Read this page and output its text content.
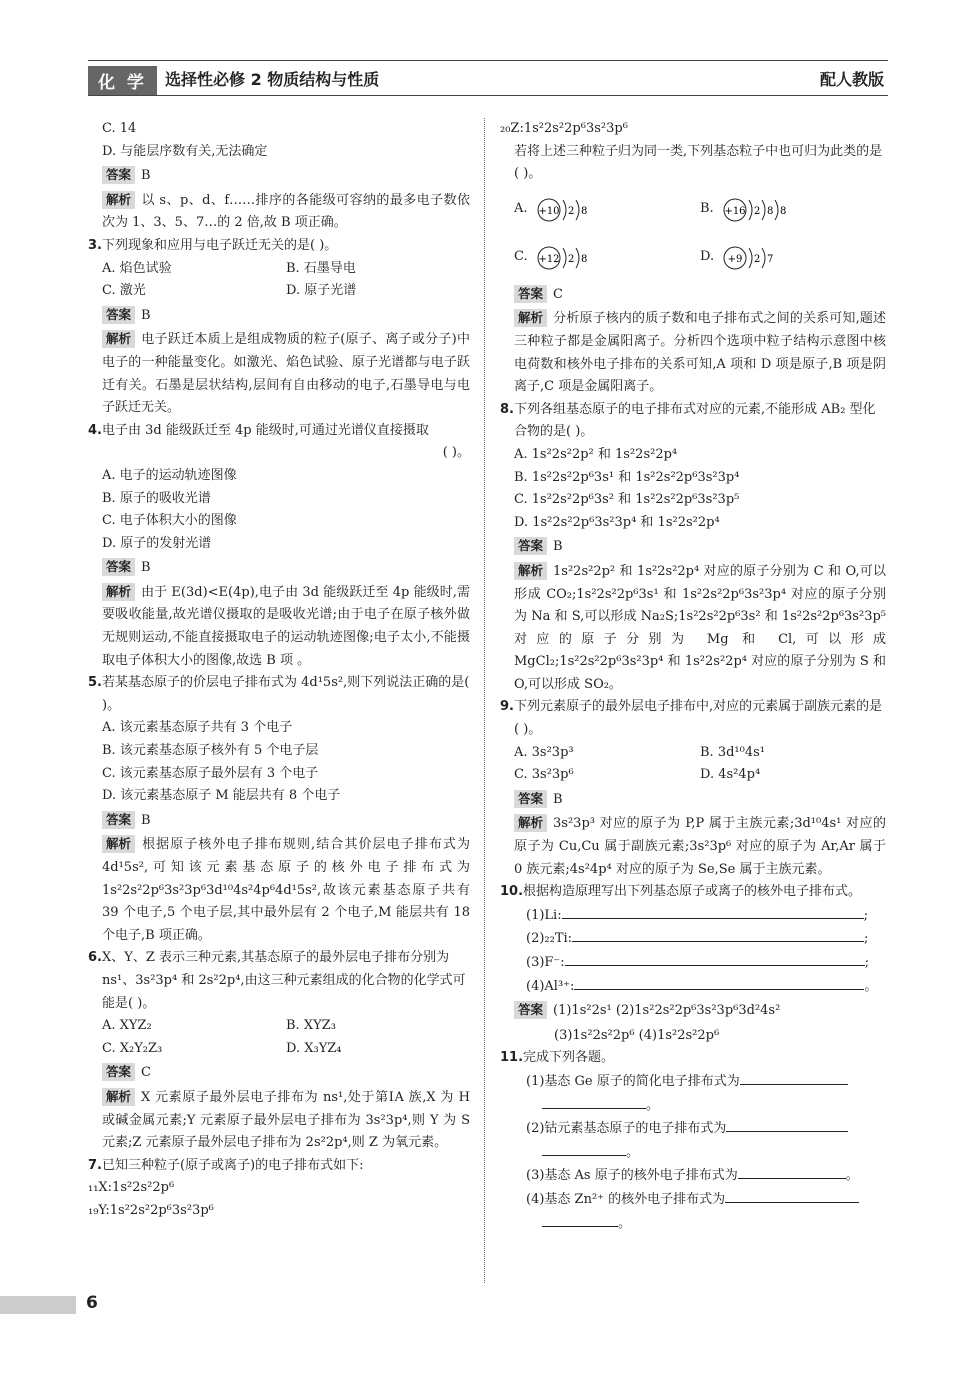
化 学	选择性必修 2 物质结构与性质	配人教版

C. 14

D. 与能层序数有关,无法确定

答案 B

解析 以 s、p、d、f……排序的各能级可容纳的最多电子数依次为 1、3、5、7…的 2 倍,故 B 项正确。

3.下列现象和应用与电子跃迁无关的是( )。

A. 焰色试验	B. 石墨导电
C. 激光	D. 原子光谱

答案 B

解析 电子跃迁本质上是组成物质的粒子(原子、离子或分子)中电子的一种能量变化。如激光、焰色试验、原子光谱都与电子跃迁有关。石墨是层状结构,层间有自由移动的电子,石墨导电与电子跃迁无关。

4.电子由 3d 能级跃迁至 4p 能级时,可通过光谱仪直接摄取

( )。

A. 电子的运动轨迹图像

B. 原子的吸收光谱

C. 电子体积大小的图像

D. 原子的发射光谱

答案 B

解析 由于 E(3d)<E(4p),电子由 3d 能级跃迁至 4p 能级时,需要吸收能量,故光谱仪摄取的是吸收光谱;由于电子在原子核外做无规则运动,不能直接摄取电子的运动轨迹图像;电子太小,不能摄取电子体积大小的图像,故选 B 项 。

5.若某基态原子的价层电子排布式为 4d¹5s²,则下列说法正确的是( )。

A. 该元素基态原子共有 3 个电子

B. 该元素基态原子核外有 5 个电子层

C. 该元素基态原子最外层有 3 个电子

D. 该元素基态原子 M 能层共有 8 个电子

答案 B

解析 根据原子核外电子排布规则,结合其价层电子排布式为 4d¹5s²,可知该元素基态原子的核外电子排布式为 1s²2s²2p⁶3s²3p⁶3d¹⁰4s²4p⁶4d¹5s²,故该元素基态原子共有 39 个电子,5 个电子层,其中最外层有 2 个电子,M 能层共有 18 个电子,B 项正确。

6.X、Y、Z 表示三种元素,其基态原子的最外层电子排布分别为 ns¹、3s²3p⁴ 和 2s²2p⁴,由这三种元素组成的化合物的化学式可能是( )。

A. XYZ₂	B. XYZ₃
C. X₂Y₂Z₃	D. X₃YZ₄

答案 C

解析 X 元素原子最外层电子排布为 ns¹,处于第ⅠA 族,X 为 H 或碱金属元素;Y 元素原子最外层电子排布为 3s²3p⁴,则 Y 为 S 元素;Z 元素原子最外层电子排布为 2s²2p⁴,则 Z 为氧元素。

7.已知三种粒子(原子或离子)的电子排布式如下:

₁₁X:1s²2s²2p⁶

₁₉Y:1s²2s²2p⁶3s²3p⁶

₂₀Z:1s²2s²2p⁶3s²3p⁶

若将上述三种粒子归为同一类,下列基态粒子中也可归为此类的是( )。

A. +10 2 8	B. +16 2 8 8
C. +12 2 8	D. +9 2 7

答案 C

解析 分析原子核内的质子数和电子排布式之间的关系可知,题述三种粒子都是金属阳离子。分析四个选项中粒子结构示意图中核电荷数和核外电子排布的关系可知,A 项和 D 项是原子,B 项是阴离子,C 项是金属阳离子。

8.下列各组基态原子的电子排布式对应的元素,不能形成 AB₂ 型化合物的是( )。

A. 1s²2s²2p² 和 1s²2s²2p⁴

B. 1s²2s²2p⁶3s¹ 和 1s²2s²2p⁶3s²3p⁴

C. 1s²2s²2p⁶3s² 和 1s²2s²2p⁶3s²3p⁵

D. 1s²2s²2p⁶3s²3p⁴ 和 1s²2s²2p⁴

答案 B

解析 1s²2s²2p² 和 1s²2s²2p⁴ 对应的原子分别为 C 和 O,可以形成 CO₂;1s²2s²2p⁶3s¹ 和 1s²2s²2p⁶3s²3p⁴ 对应的原子分别为 Na 和 S,可以形成 Na₂S;1s²2s²2p⁶3s² 和 1s²2s²2p⁶3s²3p⁵ 对应的原子分别为 Mg 和 Cl,可以形成 MgCl₂;1s²2s²2p⁶3s²3p⁴ 和 1s²2s²2p⁴ 对应的原子分别为 S 和 O,可以形成 SO₂。

9.下列元素原子的最外层电子排布中,对应的元素属于副族元素的是( )。

A. 3s²3p³	B. 3d¹⁰4s¹
C. 3s²3p⁶	D. 4s²4p⁴

答案 B

解析 3s²3p³ 对应的原子为 P,P 属于主族元素;3d¹⁰4s¹ 对应的原子为 Cu,Cu 属于副族元素;3s²3p⁶ 对应的原子为 Ar,Ar 属于 0 族元素;4s²4p⁴ 对应的原子为 Se,Se 属于主族元素。

10.根据构造原理写出下列基态原子或离子的核外电子排布式。

(1)Li:	;

(2)₂₂Ti:	;

(3)F⁻:	;

(4)Al³⁺:	。

答案 (1)1s²2s¹ (2)1s²2s²2p⁶3s²3p⁶3d²4s²

(3)1s²2s²2p⁶ (4)1s²2s²2p⁶

11.完成下列各题。

(1)基态 Ge 原子的简化电子排布式为

。

(2)钴元素基态原子的电子排布式为

。

(3)基态 As 原子的核外电子排布式为	。

(4)基态 Zn²⁺ 的核外电子排布式为

。

6
